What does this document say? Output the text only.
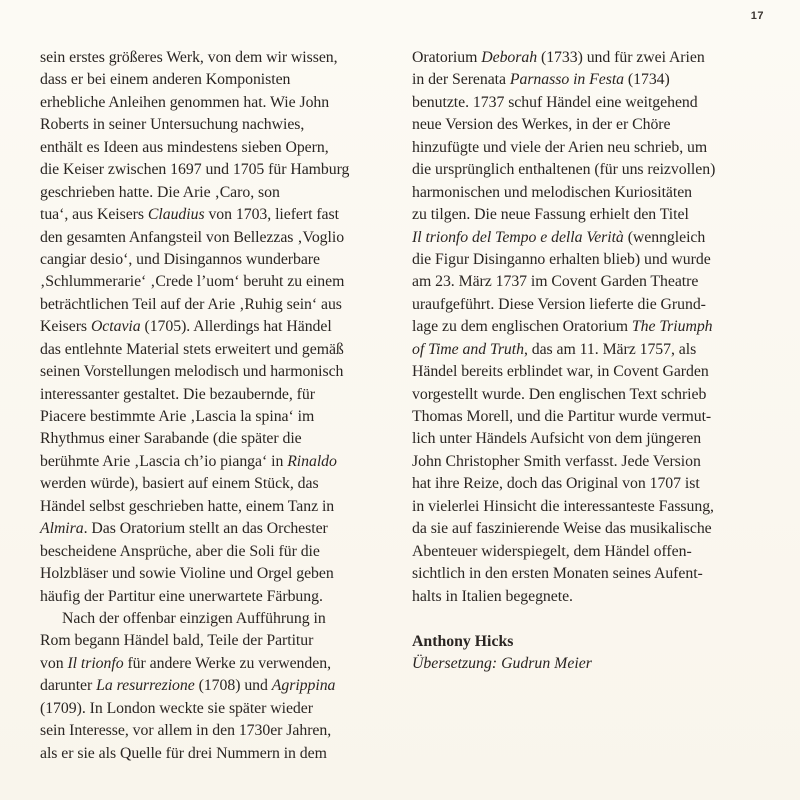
17
sein erstes größeres Werk, von dem wir wissen,
dass er bei einem anderen Komponisten
erhebliche Anleihen genommen hat. Wie John
Roberts in seiner Untersuchung nachwies,
enthält es Ideen aus mindestens sieben Opern,
die Keiser zwischen 1697 und 1705 für Hamburg
geschrieben hatte. Die Arie ‚Caro, son
tua‘, aus Keisers Claudius von 1703, liefert fast
den gesamten Anfangsteil von Bellezzas ‚Voglio
cangiar desio‘, und Disingannos wunderbare
‚Schlummerarie‘ ‚Crede l’uom‘ beruht zu einem
beträchtlichen Teil auf der Arie ‚Ruhig sein‘ aus
Keisers Octavia (1705). Allerdings hat Händel
das entlehnte Material stets erweitert und gemäß
seinen Vorstellungen melodisch und harmonisch
interessanter gestaltet. Die bezaubernde, für
Piacere bestimmte Arie ‚Lascia la spina‘ im
Rhythmus einer Sarabande (die später die
berühmte Arie ‚Lascia ch’io pianga‘ in Rinaldo
werden würde), basiert auf einem Stück, das
Händel selbst geschrieben hatte, einem Tanz in
Almira. Das Oratorium stellt an das Orchester
bescheidene Ansprüche, aber die Soli für die
Holzbläser und sowie Violine und Orgel geben
häufig der Partitur eine unerwartete Färbung.
Nach der offenbar einzigen Aufführung in
Rom begann Händel bald, Teile der Partitur
von Il trionfo für andere Werke zu verwenden,
darunter La resurrezione (1708) und Agrippina
(1709). In London weckte sie später wieder
sein Interesse, vor allem in den 1730er Jahren,
als er sie als Quelle für drei Nummern in dem
Oratorium Deborah (1733) und für zwei Arien
in der Serenata Parnasso in Festa (1734)
benutzte. 1737 schuf Händel eine weitgehend
neue Version des Werkes, in der er Chöre
hinzufügte und viele der Arien neu schrieb, um
die ursprünglich enthaltenen (für uns reizvollen)
harmonischen und melodischen Kuriositäten
zu tilgen. Die neue Fassung erhielt den Titel
Il trionfo del Tempo e della Verità (wenngleich
die Figur Disinganno erhalten blieb) und wurde
am 23. März 1737 im Covent Garden Theatre
uraufgeführt. Diese Version lieferte die Grund-
lage zu dem englischen Oratorium The Triumph
of Time and Truth, das am 11. März 1757, als
Händel bereits erblindet war, in Covent Garden
vorgestellt wurde. Den englischen Text schrieb
Thomas Morell, und die Partitur wurde vermut-
lich unter Händels Aufsicht von dem jüngeren
John Christopher Smith verfasst. Jede Version
hat ihre Reize, doch das Original von 1707 ist
in vielerlei Hinsicht die interessanteste Fassung,
da sie auf faszinierende Weise das musikalische
Abenteuer widerspiegelt, dem Händel offen-
sichtlich in den ersten Monaten seines Aufent-
halts in Italien begegnete.
Anthony Hicks
Übersetzung: Gudrun Meier
